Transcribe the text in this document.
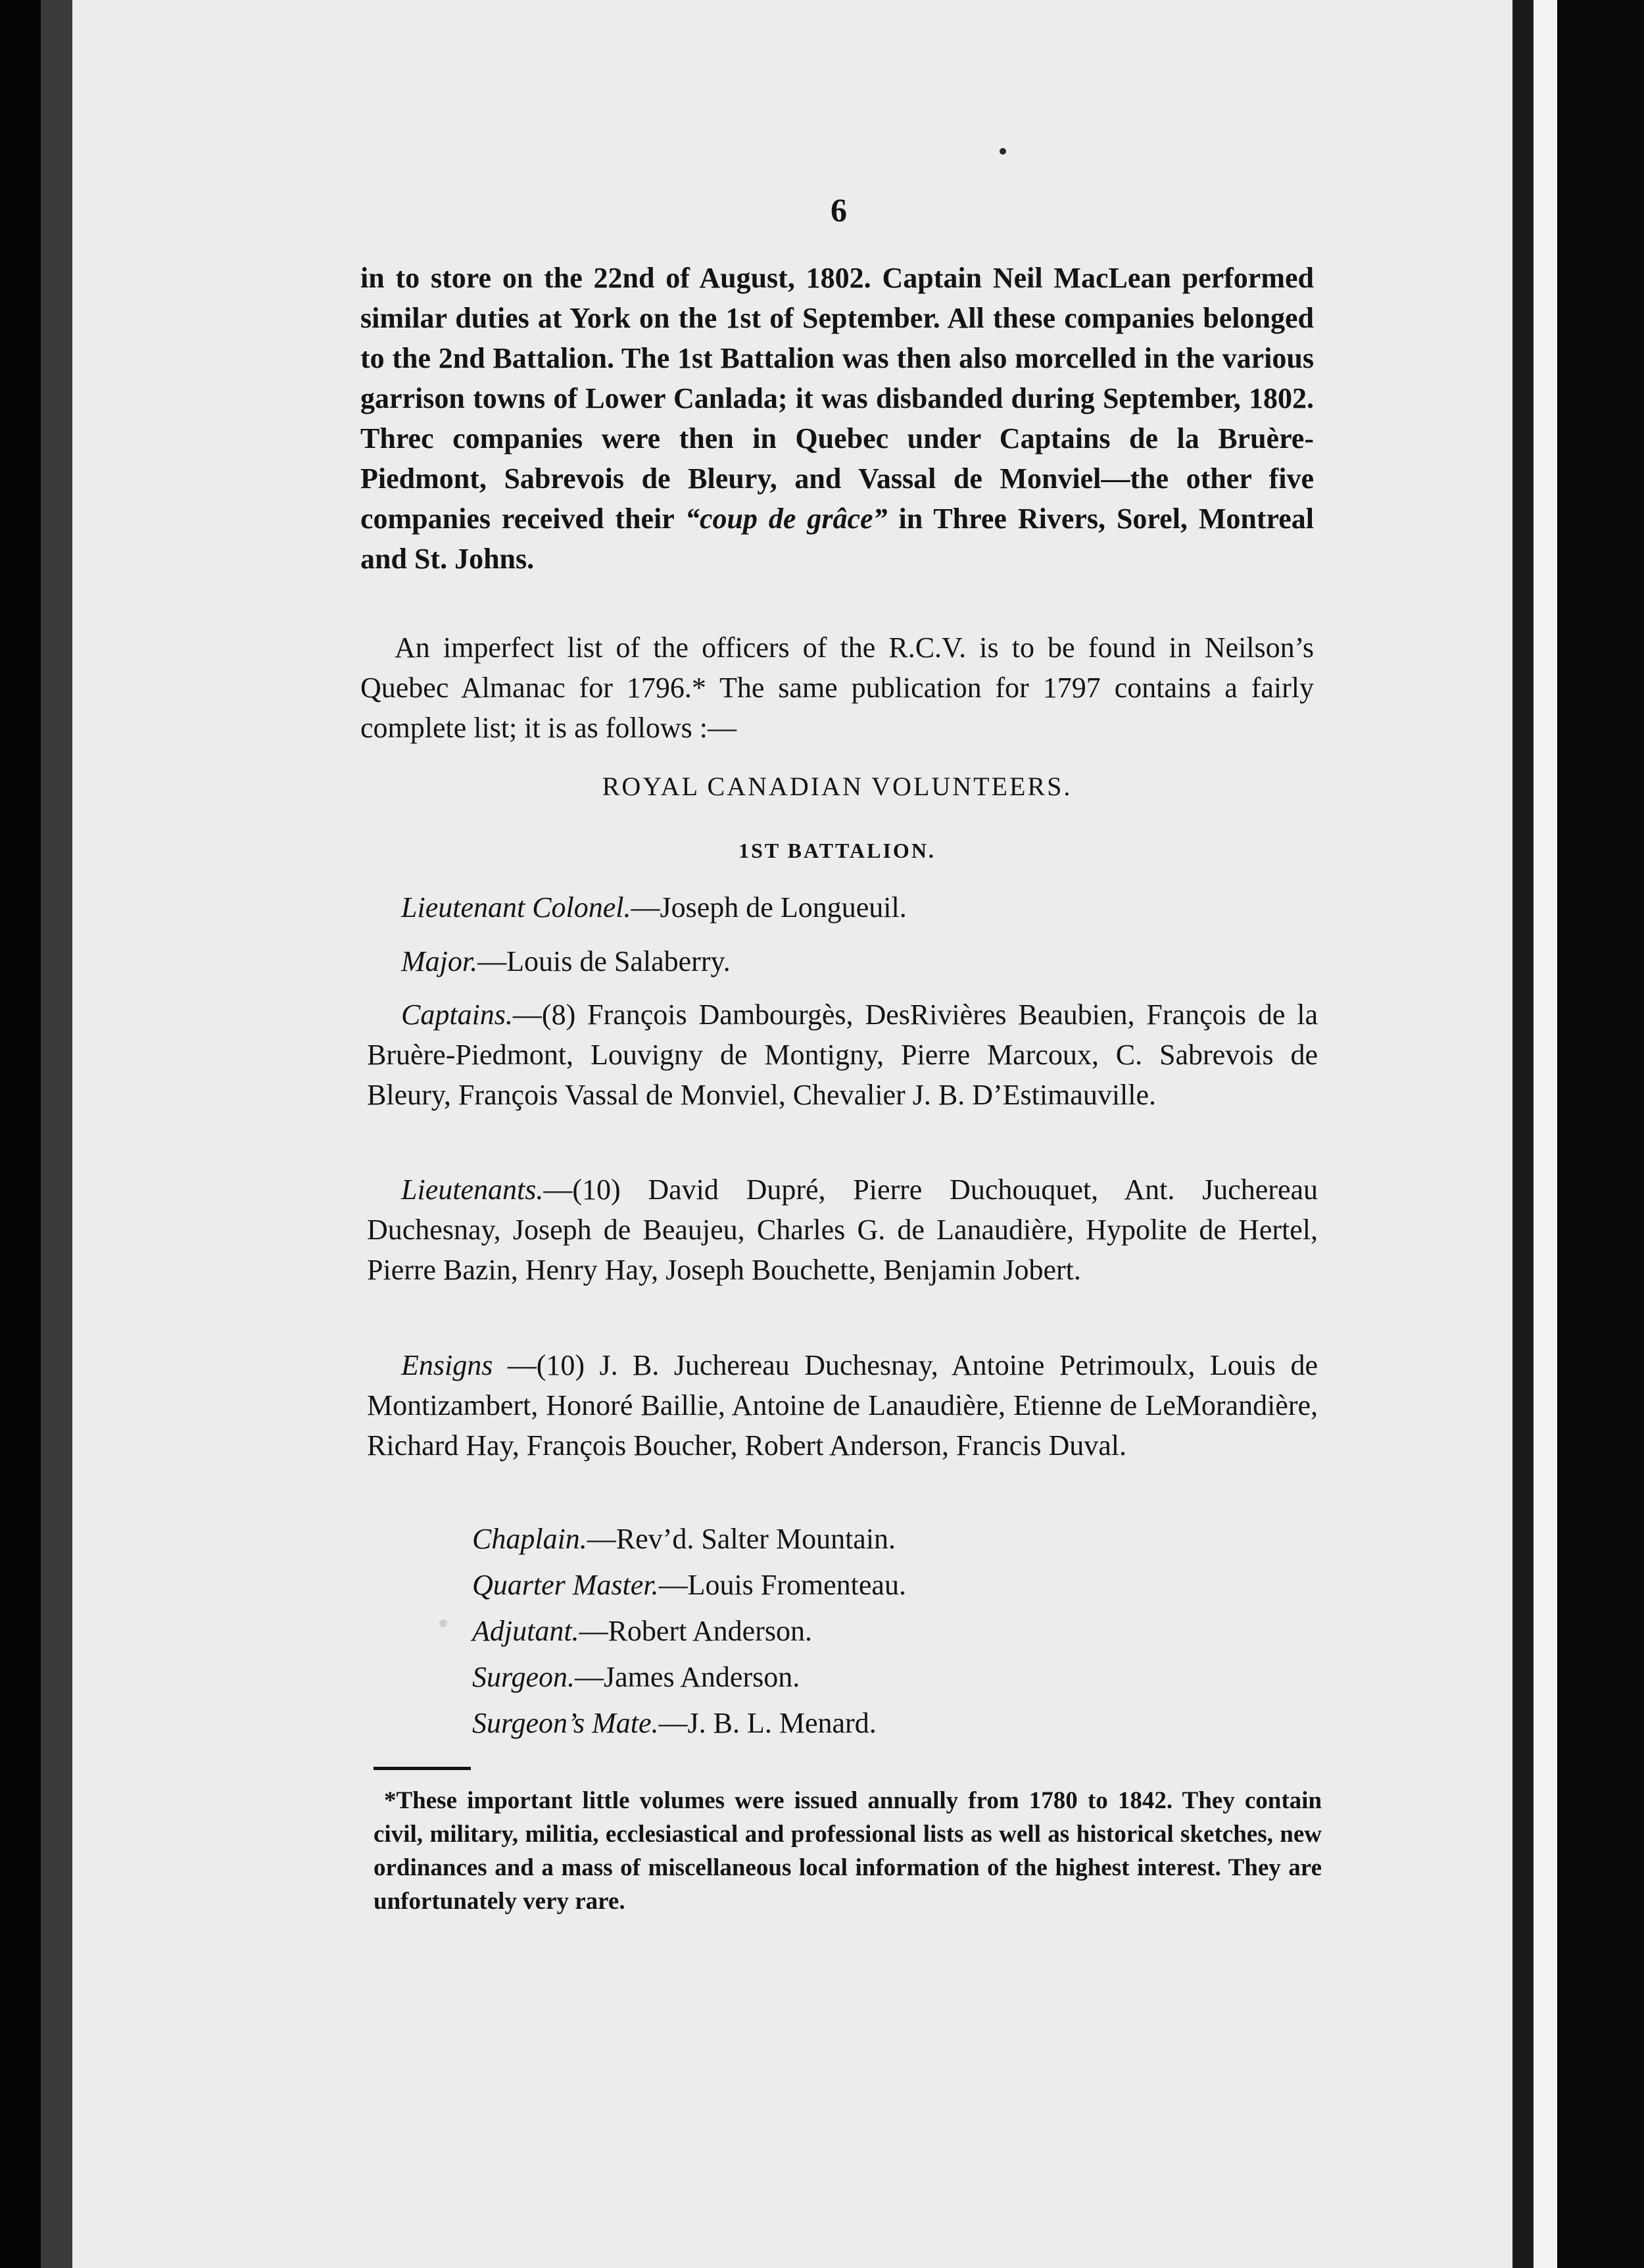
6

in to store on the 22nd of August, 1802. Captain Neil MacLean performed similar duties at York on the 1st of September. All these companies belonged to the 2nd Battalion. The 1st Battalion was then also morcelled in the various garrison towns of Lower Canlada; it was disbanded during September, 1802. Threc companies were then in Quebec under Captains de la Bruère-Piedmont, Sabrevois de Bleury, and Vassal de Monviel—the other five companies received their “coup de grâce” in Three Rivers, Sorel, Montreal and St. Johns.

An imperfect list of the officers of the R.C.V. is to be found in Neilson’s Quebec Almanac for 1796.* The same publication for 1797 contains a fairly complete list; it is as follows :—

ROYAL CANADIAN VOLUNTEERS.
1ST BATTALION.

Lieutenant Colonel.—Joseph de Longueuil.

Major.—Louis de Salaberry.

Captains.—(8) François Dambourgès, DesRivières Beaubien, François de la Bruère-Piedmont, Louvigny de Montigny, Pierre Marcoux, C. Sabrevois de Bleury, François Vassal de Monviel, Chevalier J. B. D’Estimauville.

Lieutenants.—(10) David Dupré, Pierre Duchouquet, Ant. Juchereau Duchesnay, Joseph de Beaujeu, Charles G. de Lanaudière, Hypolite de Hertel, Pierre Bazin, Henry Hay, Joseph Bouchette, Benjamin Jobert.

Ensigns —(10) J. B. Juchereau Duchesnay, Antoine Petrimoulx, Louis de Montizambert, Honoré Baillie, Antoine de Lanaudière, Etienne de LeMorandière, Richard Hay, François Boucher, Robert Anderson, Francis Duval.

Chaplain.—Rev’d. Salter Mountain.

Quarter Master.—Louis Fromenteau.

Adjutant.—Robert Anderson.

Surgeon.—James Anderson.

Surgeon’s Mate.—J. B. L. Menard.

*These important little volumes were issued annually from 1780 to 1842. They contain civil, military, militia, ecclesiastical and professional lists as well as historical sketches, new ordinances and a mass of miscellaneous local information of the highest interest. They are unfortunately very rare.
